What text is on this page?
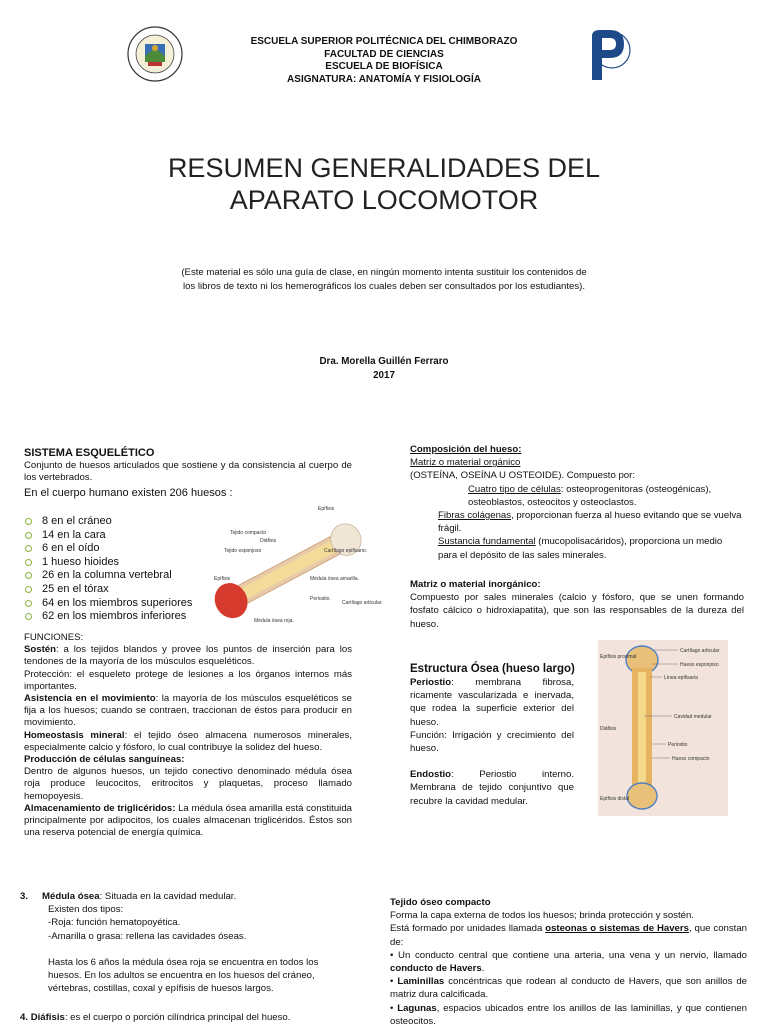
ESCUELA SUPERIOR POLITÉCNICA DEL CHIMBORAZO
FACULTAD DE CIENCIAS
ESCUELA DE BIOFÍSICA
ASIGNATURA: ANATOMÍA Y FISIOLOGÍA
RESUMEN GENERALIDADES DEL
APARATO LOCOMOTOR
(Este material es sólo una guía de clase, en ningún momento intenta sustituir los contenidos de los libros de texto ni los hemerográficos los cuales deben ser consultados por los estudiantes).
Dra. Morella Guillén Ferraro
2017
SISTEMA ESQUELÉTICO
Conjunto de huesos articulados que sostiene y da consistencia al cuerpo de los vertebrados.
En el cuerpo humano existen 206 huesos :
8 en el cráneo
14 en la cara
6 en el oído
1 hueso hioides
26 en la columna vertebral
25 en el tórax
64 en los miembros superiores
62 en los miembros inferiores
Tejido compacto
Tejido esponjoso
Diáfisis
Epífisis
Cartílago epifisario.
Médula ósea amarilla.
Periostio.
Cartílago articular.
Médula ósea roja.
Epífisis
FUNCIONES:
Sostén: a los tejidos blandos y provee los puntos de inserción para los tendones de la mayoría de los músculos esqueléticos.
Protección: el esqueleto protege de lesiones a los órganos internos más importantes.
Asistencia en el movimiento: la mayoría de los músculos esqueléticos se fija a los huesos; cuando se contraen, traccionan de éstos para producir en movimiento.
Homeostasis mineral: el tejido óseo almacena numerosos minerales, especialmente calcio y fósforo, lo cual contribuye la solidez del hueso.
Producción de células sanguíneas:
Dentro de algunos huesos, un tejido conectivo denominado médula ósea roja produce leucocitos, eritrocitos y plaquetas, proceso llamado hemopoyesis.
Almacenamiento de triglicéridos: La médula ósea amarilla está constituida principalmente por adipocitos, los cuales almacenan triglicéridos. Éstos son una reserva potencial de energía química.
Composición del hueso:
Matriz o material orgánico
(OSTEÍNA, OSEÍNA U OSTEOIDE). Compuesto por:
Cuatro tipo de células: osteoprogenitoras (osteogénicas), osteoblastos, osteocitos y osteoclastos.
Fibras colágenas, proporcionan fuerza al hueso evitando que se vuelva frágil.
Sustancia fundamental (mucopolisacáridos), proporciona un medio para el depósito de las sales minerales.
Matriz o material inorgánico:
Compuesto por sales minerales (calcio y fósforo, que se unen formando fosfato cálcico o hidroxiapatita), que son las responsables de la dureza del hueso.
Estructura Ósea (hueso largo)
Periostio: membrana fibrosa, ricamente vascularizada e inervada, que rodea la superficie exterior del hueso.
Función: Irrigación y crecimiento del hueso.
Endostio: Periostio interno. Membrana de tejido conjuntivo que recubre la cavidad medular.
Epífisis proximal
Cartílago articular
Hueso esponjoso
Línea epifisaria
Diáfisis
Cavidad medular
Periostio
Hueso compacto
Epífisis distal
3. Médula ósea: Situada en la cavidad medular.
Existen dos tipos:
-Roja: función hematopoyética.
-Amarilla o grasa: rellena las cavidades óseas.
Hasta los 6 años la médula ósea roja se encuentra en todos los huesos. En los adultos se encuentra en los huesos del cráneo, vértebras, costillas, coxal y epífisis de huesos largos.
4. Diáfisis: es el cuerpo o porción cilíndrica principal del hueso.
Tejido óseo compacto
Forma la capa externa de todos los huesos; brinda protección y sostén.
Está formado por unidades llamada osteonas o sistemas de Havers, que constan de:
• Un conducto central que contiene una arteria, una vena y un nervio, llamado conducto de Havers.
• Laminillas concéntricas que rodean al conducto de Havers, que son anillos de matriz dura calcificada.
• Lagunas, espacios ubicados entre los anillos de las laminillas, y que contienen osteocitos.
